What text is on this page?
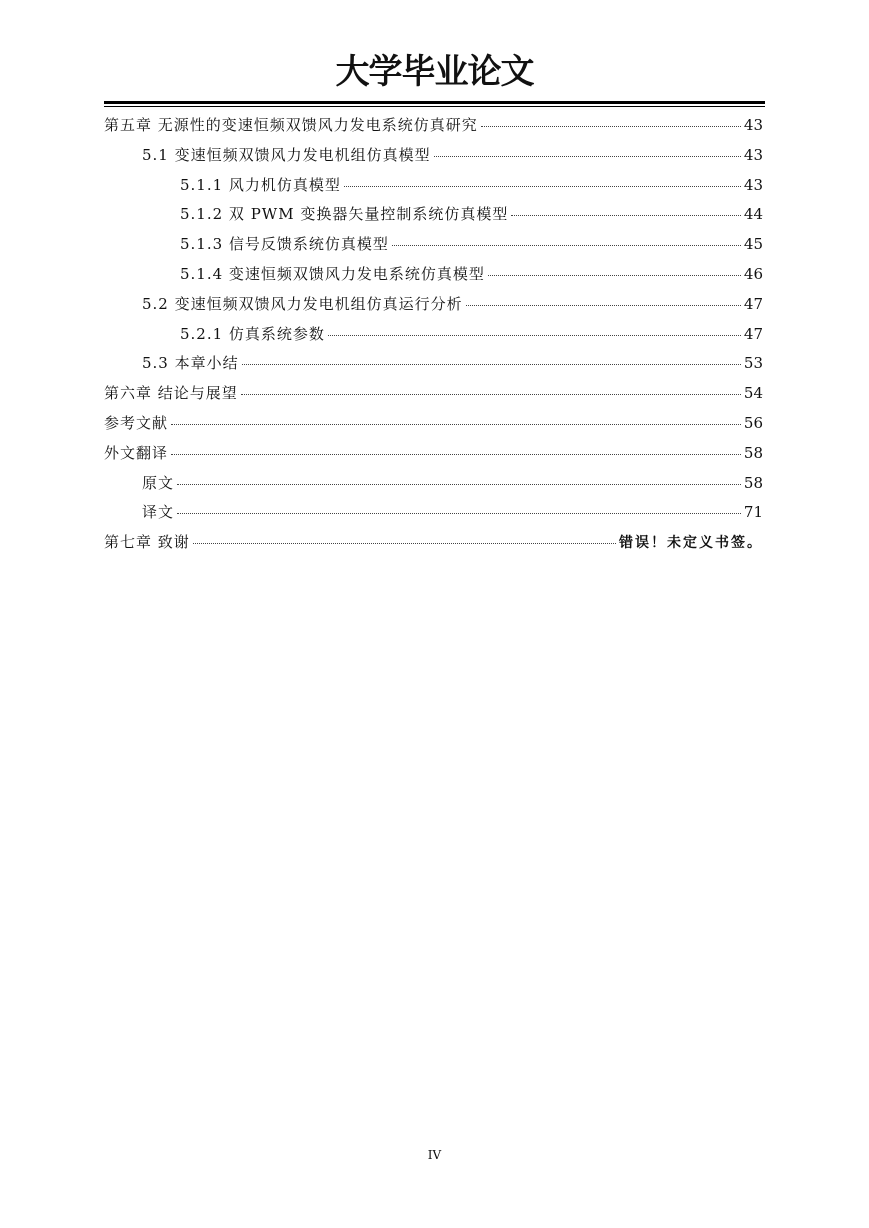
大学毕业论文
第五章 无源性的变速恒频双馈风力发电系统仿真研究	43
5.1 变速恒频双馈风力发电机组仿真模型	43
5.1.1 风力机仿真模型	43
5.1.2 双 PWM 变换器矢量控制系统仿真模型	44
5.1.3 信号反馈系统仿真模型	45
5.1.4 变速恒频双馈风力发电系统仿真模型	46
5.2 变速恒频双馈风力发电机组仿真运行分析	47
5.2.1 仿真系统参数	47
5.3 本章小结	53
第六章 结论与展望	54
参考文献	56
外文翻译	58
原文	58
译文	71
第七章 致谢	错误！未定义书签。
IV
